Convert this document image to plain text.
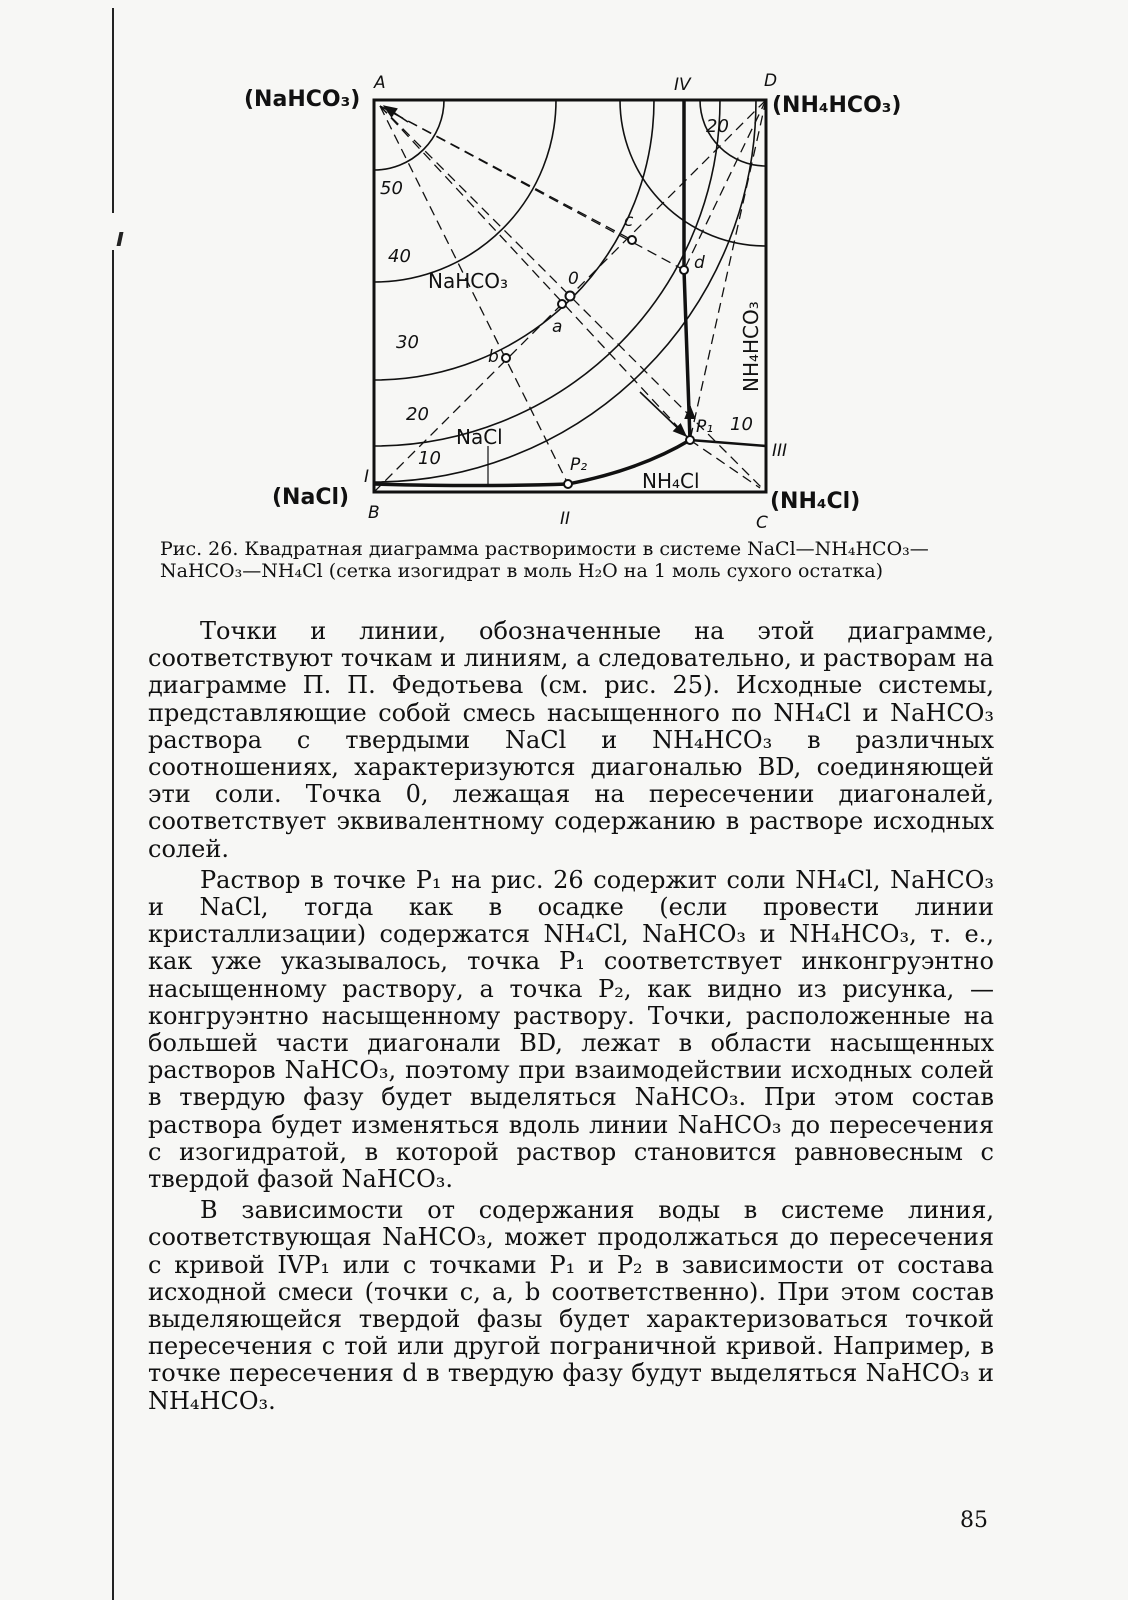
(NaHCO₃)	(NH₄HCO₃)
(NaCl)	(NH₄Cl)
A	D
B	C
I
II
III
IV
0
a
b
c
d
P₁
P₂
NaHCO₃
NaCl
NH₄Cl
NH₄HCO₃
50
40
30
20
10
20
10

Рис. 26. Квадратная диаграмма растворимости в системе NaCl—NH₄HCO₃—NaHCO₃—NH₄Cl (сетка изогидрат в моль H₂O на 1 моль сухого остатка)

Точки и линии, обозначенные на этой диаграмме, соответствуют точкам и линиям, а следовательно, и растворам на диаграмме П. П. Федотьева (см. рис. 25). Исходные системы, представляющие собой смесь насыщенного по NH₄Cl и NaHCO₃ раствора с твердыми NaCl и NH₄HCO₃ в различных соотношениях, характеризуются диагональю BD, соединяющей эти соли. Точка 0, лежащая на пересечении диагоналей, соответствует эквивалентному содержанию в растворе исходных солей.

Раствор в точке P₁ на рис. 26 содержит соли NH₄Cl, NaHCO₃ и NaCl, тогда как в осадке (если провести линии кристаллизации) содержатся NH₄Cl, NaHCO₃ и NH₄HCO₃, т. е., как уже указывалось, точка P₁ соответствует инконгруэнтно насыщенному раствору, а точка P₂, как видно из рисунка, — конгруэнтно насыщенному раствору. Точки, расположенные на большей части диагонали BD, лежат в области насыщенных растворов NaHCO₃, поэтому при взаимодействии исходных солей в твердую фазу будет выделяться NaHCO₃. При этом состав раствора будет изменяться вдоль линии NaHCO₃ до пересечения с изогидратой, в которой раствор становится равновесным с твердой фазой NaHCO₃.

В зависимости от содержания воды в системе линия, соответствующая NaHCO₃, может продолжаться до пересечения с кривой IVP₁ или с точками P₁ и P₂ в зависимости от состава исходной смеси (точки c, a, b соответственно). При этом состав выделяющейся твердой фазы будет характеризоваться точкой пересечения с той или другой пограничной кривой. Например, в точке пересечения d в твердую фазу будут выделяться NaHCO₃ и NH₄HCO₃.

85
